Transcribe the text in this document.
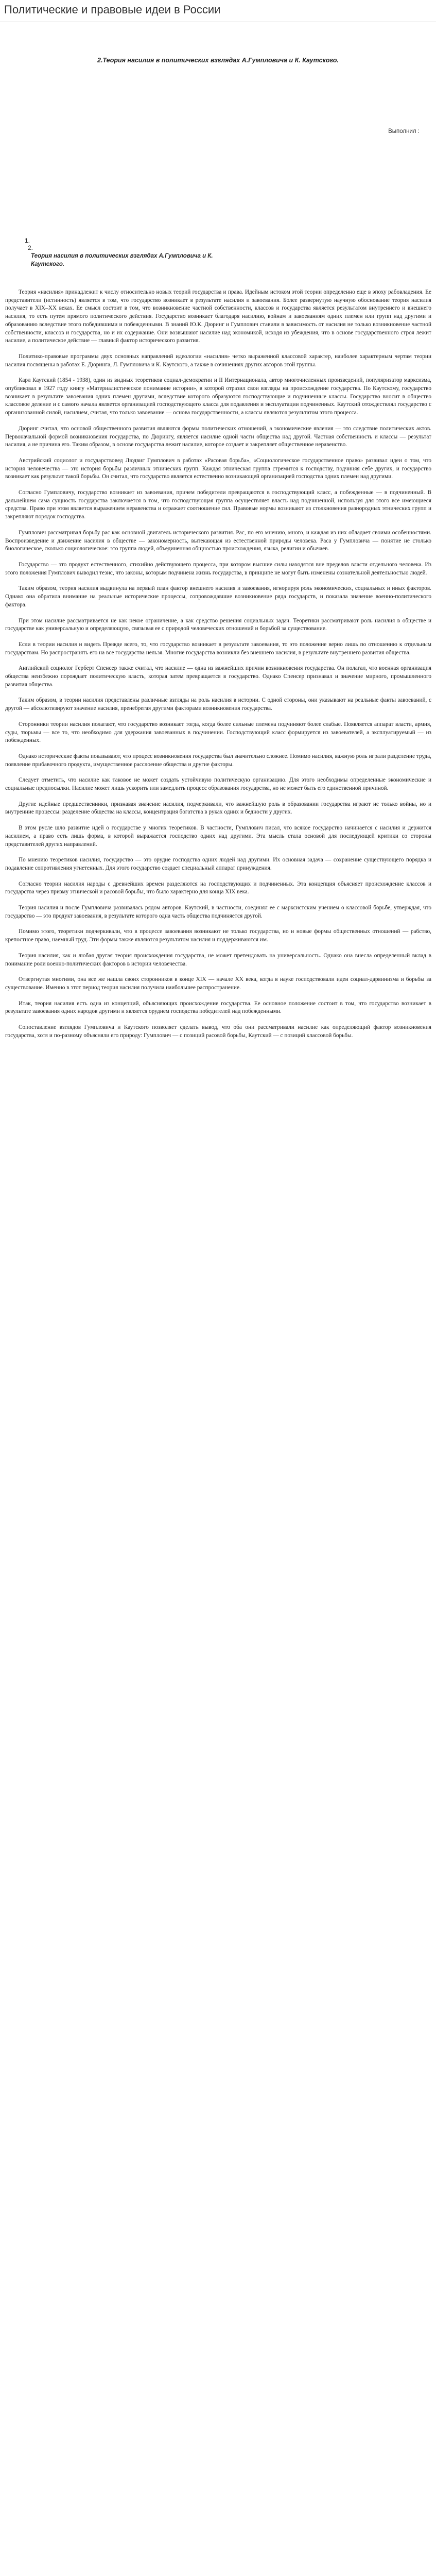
Политические и правовые идеи в России
2.Теория насилия в политических взглядах А.Гумпловича и К. Каутского.
Выполнил :
1.
2.
Теория насилия в политических взглядах А.Гумпловича и К. Каутского.

Теория «насилия» принадлежит к числу относительно новых теорий государства и права. Идейным истоком этой теории определенно еще в эпоху рабовладения. Ее представители (истинность) является в том, что государство возникает в результате насилия и завоевания. Более развернутую научную обоснование теория насилия получает в XIX–XX веках. Ее смысл состоит в том, что возникновение частной собственности, классов и государства является результатом внутреннего и внешнего насилия, то есть путем прямого политического действия. Государство возникает благодаря насилию, войнам и завоеваниям одних племен или групп над другими и образованию вследствие этого победившими и побежденными. В знаний Ю.К. Дюринг и Гумплович ставили в зависимость от насилия не только возникновение частной собственности, классов и государства, но и их содержание. Они возвышают насилие над экономикой, исходя из убеждения, что в основе государственного строя лежит насилие, а политическое действие — главный фактор исторического развития.

Политико-правовые программы двух основных направлений идеологии «насилия» четко выраженной классовой характер, наиболее характерным чертам теории насилия посвящены в работах Е. Дюринга, Л. Гумпловича и К. Каутского, а также в сочинениях других авторов этой группы.

Карл Каутский (1854 - 1938), один из видных теоретиков социал-демократии и II Интернационала, автор многочисленных произведений, популяризатор марксизма, опубликовал в 1927 году книгу «Материалистическое понимание истории», в которой отразил свои взгляды на происхождение государства. По Каутскому, государство возникает в результате завоевания одних племен другими, вследствие которого образуются господствующие и подчиненные классы. Государство вносит в общество классовое деление и с самого начала является организацией господствующего класса для подавления и эксплуатации подчиненных. Каутский отождествлял государство с организованной силой, насилием, считая, что только завоевание — основа государственности, а классы являются результатом этого процесса.

Дюринг считал, что основой общественного развития являются формы политических отношений, а экономические явления — это следствие политических актов. Первоначальной формой возникновения государства, по Дюрингу, является насилие одной части общества над другой. Частная собственность и классы — результат насилия, а не причина его. Таким образом, в основе государства лежит насилие, которое создает и закрепляет общественное неравенство.

Австрийский социолог и государствовед Людвиг Гумплович в работах «Расовая борьба», «Социологическое государственное право» развивал идеи о том, что история человечества — это история борьбы различных этнических групп. Каждая этническая группа стремится к господству, подчиняя себе других, и государство возникает как результат такой борьбы. Он считал, что государство является естественно возникающей организацией господства одних племен над другими.

Согласно Гумпловичу, государство возникает из завоевания, причем победители превращаются в господствующий класс, а побежденные — в подчиненный. В дальнейшем сама сущность государства заключается в том, что господствующая группа осуществляет власть над подчиненной, используя для этого все имеющиеся средства. Право при этом является выражением неравенства и отражает соотношение сил. Правовые нормы возникают из столкновения разнородных этнических групп и закрепляют порядок господства.

Гумплович рассматривал борьбу рас как основной двигатель исторического развития. Рас, по его мнению, много, и каждая из них обладает своими особенностями. Воспроизведение и движение насилия в обществе — закономерность, вытекающая из естественной природы человека. Раса у Гумпловича — понятие не столько биологическое, сколько социологическое: это группа людей, объединенная общностью происхождения, языка, религии и обычаев.

Государство — это продукт естественного, стихийно действующего процесса, при котором высшие силы находятся вне пределов власти отдельного человека. Из этого положения Гумплович выводил тезис, что законы, которым подчинена жизнь государства, в принципе не могут быть изменены сознательной деятельностью людей.

Таким образом, теория насилия выдвинула на первый план фактор внешнего насилия и завоевания, игнорируя роль экономических, социальных и иных факторов. Однако она обратила внимание на реальные исторические процессы, сопровождавшие возникновение ряда государств, и показала значение военно-политического фактора.

При этом насилие рассматривается не как некое ограничение, а как средство решения социальных задач. Теоретики рассматривают роль насилия в обществе и государстве как универсальную и определяющую, связывая ее с природой человеческих отношений и борьбой за существование.

Если в теории насилия и видеть Прежде всего, то, что государство возникает в результате завоевания, то это положение верно лишь по отношению к отдельным государствам. Но распространять его на все государства нельзя. Многие государства возникли без внешнего насилия, в результате внутреннего развития общества.

Английский социолог Герберт Спенсер также считал, что насилие — одна из важнейших причин возникновения государства. Он полагал, что военная организация общества неизбежно порождает политическую власть, которая затем превращается в государство. Однако Спенсер признавал и значение мирного, промышленного развития общества.

Таким образом, в теории насилия представлены различные взгляды на роль насилия в истории. С одной стороны, они указывают на реальные факты завоеваний, с другой — абсолютизируют значение насилия, пренебрегая другими факторами возникновения государства.

Сторонники теории насилия полагают, что государство возникает тогда, когда более сильные племена подчиняют более слабые. Появляется аппарат власти, армия, суды, тюрьмы — все то, что необходимо для удержания завоеванных в подчинении. Господствующий класс формируется из завоевателей, а эксплуатируемый — из побежденных.

Однако исторические факты показывают, что процесс возникновения государства был значительно сложнее. Помимо насилия, важную роль играли разделение труда, появление прибавочного продукта, имущественное расслоение общества и другие факторы.

Следует отметить, что насилие как таковое не может создать устойчивую политическую организацию. Для этого необходимы определенные экономические и социальные предпосылки. Насилие может лишь ускорить или замедлить процесс образования государства, но не может быть его единственной причиной.

Другие идейные предшественники, признавая значение насилия, подчеркивали, что важнейшую роль в образовании государства играют не только войны, но и внутренние процессы: разделение общества на классы, концентрация богатства в руках одних и бедности у других.

В этом русле шло развитие идей о государстве у многих теоретиков. В частности, Гумплович писал, что всякое государство начинается с насилия и держится насилием, а право есть лишь форма, в которой выражается господство одних над другими. Эта мысль стала основой для последующей критики со стороны представителей других направлений.

По мнению теоретиков насилия, государство — это орудие господства одних людей над другими. Их основная задача — сохранение существующего порядка и подавление сопротивления угнетенных. Для этого государство создает специальный аппарат принуждения.

Согласно теории насилия народы с древнейших времен разделяются на господствующих и подчиненных. Эта концепция объясняет происхождение классов и государства через призму этнической и расовой борьбы, что было характерно для конца XIX века.

Теория насилия и после Гумпловича развивалась рядом авторов. Каутский, в частности, соединял ее с марксистским учением о классовой борьбе, утверждая, что государство — это продукт завоевания, в результате которого одна часть общества подчиняется другой.

Помимо этого, теоретики подчеркивали, что в процессе завоевания возникают не только государства, но и новые формы общественных отношений — рабство, крепостное право, наемный труд. Эти формы также являются результатом насилия и поддерживаются им.

Теория насилия, как и любая другая теория происхождения государства, не может претендовать на универсальность. Однако она внесла определенный вклад в понимание роли военно-политических факторов в истории человечества.

Отвергнутая многими, она все же нашла своих сторонников в конце XIX — начале XX века, когда в науке господствовали идеи социал-дарвинизма и борьбы за существование. Именно в этот период теория насилия получила наибольшее распространение.

Итак, теория насилия есть одна из концепций, объясняющих происхождение государства. Ее основное положение состоит в том, что государство возникает в результате завоевания одних народов другими и является орудием господства победителей над побежденными.

Сопоставление взглядов Гумпловича и Каутского позволяет сделать вывод, что оба они рассматривали насилие как определяющий фактор возникновения государства, хотя и по-разному объясняли его природу: Гумплович — с позиций расовой борьбы, Каутский — с позиций классовой борьбы.
